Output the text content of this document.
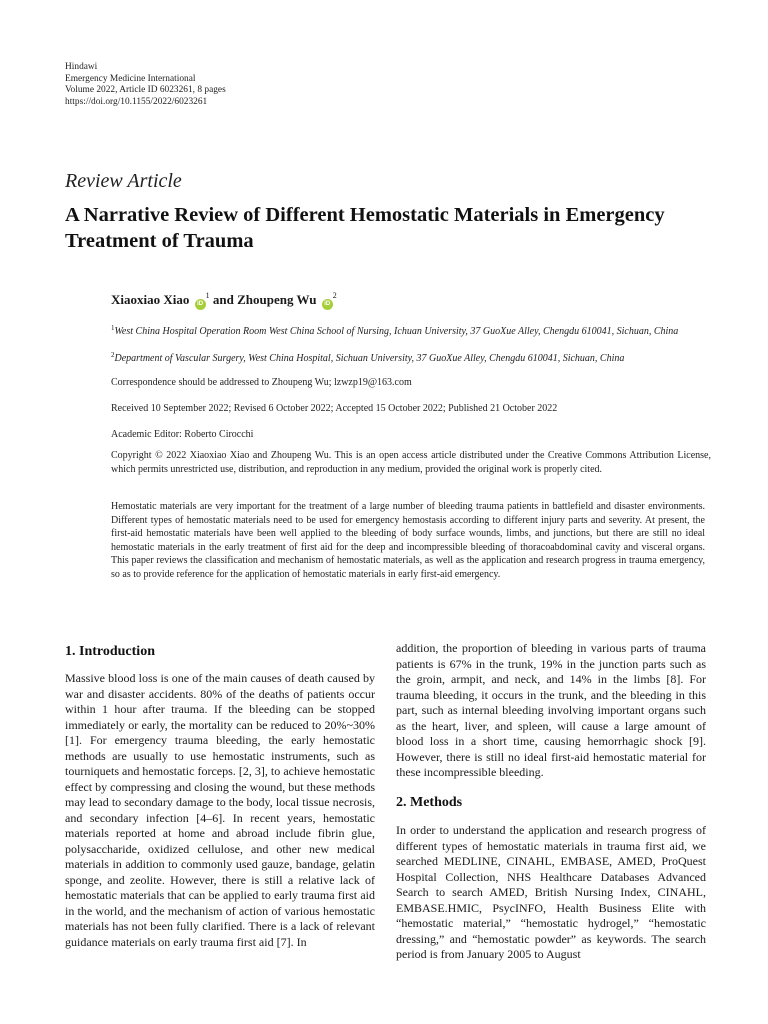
Hindawi
Emergency Medicine International
Volume 2022, Article ID 6023261, 8 pages
https://doi.org/10.1155/2022/6023261
Review Article
A Narrative Review of Different Hemostatic Materials in Emergency Treatment of Trauma
Xiaoxiao Xiao $iD^1$ and Zhoupeng Wu $iD^2$
$^1$West China Hospital Operation Room West China School of Nursing, Ichuan University, 37 GuoXue Alley, Chengdu 610041, Sichuan, China
$^2$Department of Vascular Surgery, West China Hospital, Sichuan University, 37 GuoXue Alley, Chengdu 610041, Sichuan, China
Correspondence should be addressed to Zhoupeng Wu; lzwzp19@163.com
Received 10 September 2022; Revised 6 October 2022; Accepted 15 October 2022; Published 21 October 2022
Academic Editor: Roberto Cirocchi
Copyright © 2022 Xiaoxiao Xiao and Zhoupeng Wu. This is an open access article distributed under the Creative Commons Attribution License, which permits unrestricted use, distribution, and reproduction in any medium, provided the original work is properly cited.
Hemostatic materials are very important for the treatment of a large number of bleeding trauma patients in battlefield and disaster environments. Different types of hemostatic materials need to be used for emergency hemostasis according to different injury parts and severity. At present, the first-aid hemostatic materials have been well applied to the bleeding of body surface wounds, limbs, and junctions, but there are still no ideal hemostatic materials in the early treatment of first aid for the deep and incompressible bleeding of thoracoabdominal cavity and visceral organs. This paper reviews the classification and mechanism of hemostatic materials, as well as the application and research progress in trauma emergency, so as to provide reference for the application of hemostatic materials in early first-aid emergency.
1. Introduction
Massive blood loss is one of the main causes of death caused by war and disaster accidents. 80% of the deaths of patients occur within 1 hour after trauma. If the bleeding can be stopped immediately or early, the mortality can be reduced to 20%~30% [1]. For emergency trauma bleeding, the early hemostatic methods are usually to use hemostatic instruments, such as tourniquets and hemostatic forceps. [2, 3], to achieve hemostatic effect by compressing and closing the wound, but these methods may lead to secondary damage to the body, local tissue necrosis, and secondary infection [4–6]. In recent years, hemostatic materials reported at home and abroad include fibrin glue, polysaccharide, oxidized cellulose, and other new medical materials in addition to commonly used gauze, bandage, gelatin sponge, and zeolite. However, there is still a relative lack of hemostatic materials that can be applied to early trauma first aid in the world, and the mechanism of action of various hemostatic materials has not been fully clarified. There is a lack of relevant guidance materials on early trauma first aid [7]. In
addition, the proportion of bleeding in various parts of trauma patients is 67% in the trunk, 19% in the junction parts such as the groin, armpit, and neck, and 14% in the limbs [8]. For trauma bleeding, it occurs in the trunk, and the bleeding in this part, such as internal bleeding involving important organs such as the heart, liver, and spleen, will cause a large amount of blood loss in a short time, causing hemorrhagic shock [9]. However, there is still no ideal first-aid hemostatic material for these incompressible bleeding.
2. Methods
In order to understand the application and research progress of different types of hemostatic materials in trauma first aid, we searched MEDLINE, CINAHL, EMBASE, AMED, ProQuest Hospital Collection, NHS Healthcare Databases Advanced Search to search AMED, British Nursing Index, CINAHL, EMBASE.HMIC, PsycINFO, Health Business Elite with “hemostatic material,” “hemostatic hydrogel,” “hemostatic dressing,” and “hemostatic powder” as keywords. The search period is from January 2005 to August
